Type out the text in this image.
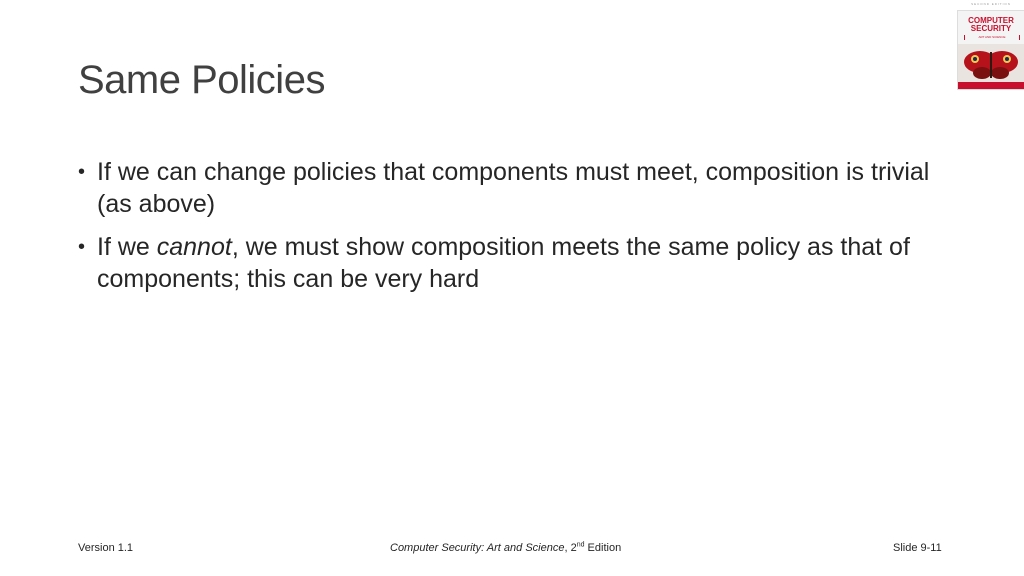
Same Policies
SECOND EDITION
COMPUTER
SECURITY
ART AND SCIENCE
• If we can change policies that components must meet, composition is trivial (as above)
• If we cannot, we must show composition meets the same policy as that of components; this can be very hard
Version 1.1	Computer Security: Art and Science, 2nd Edition	Slide 9-11
